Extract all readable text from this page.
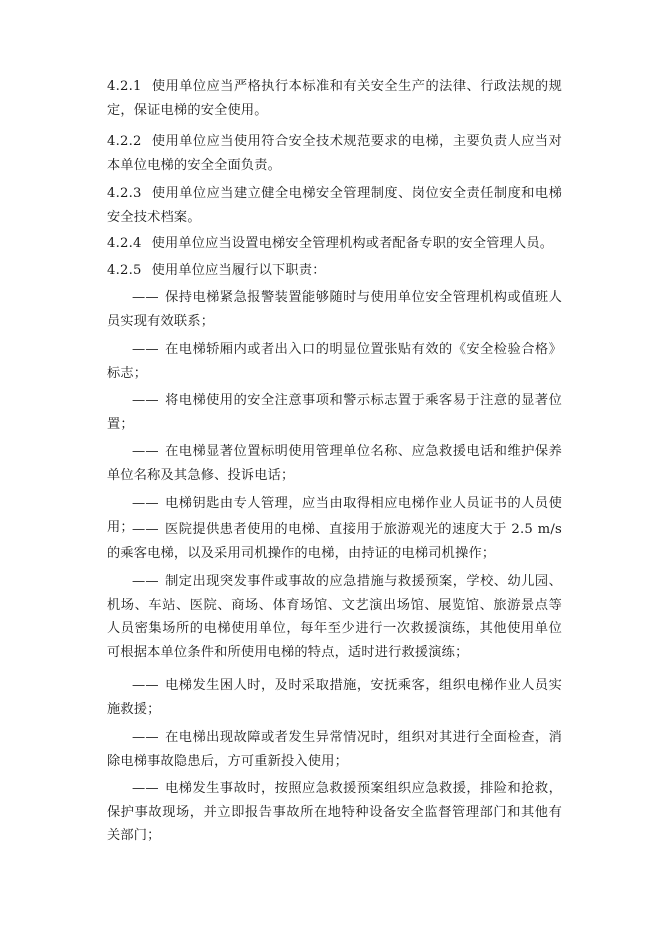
4.2.1 使用单位应当严格执行本标准和有关安全生产的法律、行政法规的规定，保证电梯的安全使用。

4.2.2 使用单位应当使用符合安全技术规范要求的电梯，主要负责人应当对本单位电梯的安全全面负责。

4.2.3 使用单位应当建立健全电梯安全管理制度、岗位安全责任制度和电梯安全技术档案。

4.2.4 使用单位应当设置电梯安全管理机构或者配备专职的安全管理人员。

4.2.5 使用单位应当履行以下职责：

—— 保持电梯紧急报警装置能够随时与使用单位安全管理机构或值班人员实现有效联系；

—— 在电梯轿厢内或者出入口的明显位置张贴有效的《安全检验合格》标志；

—— 将电梯使用的安全注意事项和警示标志置于乘客易于注意的显著位置；

—— 在电梯显著位置标明使用管理单位名称、应急救援电话和维护保养单位名称及其急修、投诉电话；

—— 电梯钥匙由专人管理，应当由取得相应电梯作业人员证书的人员使用；

—— 医院提供患者使用的电梯、直接用于旅游观光的速度大于 2.5 m/s 的乘客电梯，以及采用司机操作的电梯，由持证的电梯司机操作；

—— 制定出现突发事件或事故的应急措施与救援预案，学校、幼儿园、机场、车站、医院、商场、体育场馆、文艺演出场馆、展览馆、旅游景点等人员密集场所的电梯使用单位，每年至少进行一次救援演练，其他使用单位可根据本单位条件和所使用电梯的特点，适时进行救援演练；

—— 电梯发生困人时，及时采取措施，安抚乘客，组织电梯作业人员实施救援；

—— 在电梯出现故障或者发生异常情况时，组织对其进行全面检查，消除电梯事故隐患后，方可重新投入使用；

—— 电梯发生事故时，按照应急救援预案组织应急救援，排险和抢救，保护事故现场，并立即报告事故所在地特种设备安全监督管理部门和其他有关部门；
